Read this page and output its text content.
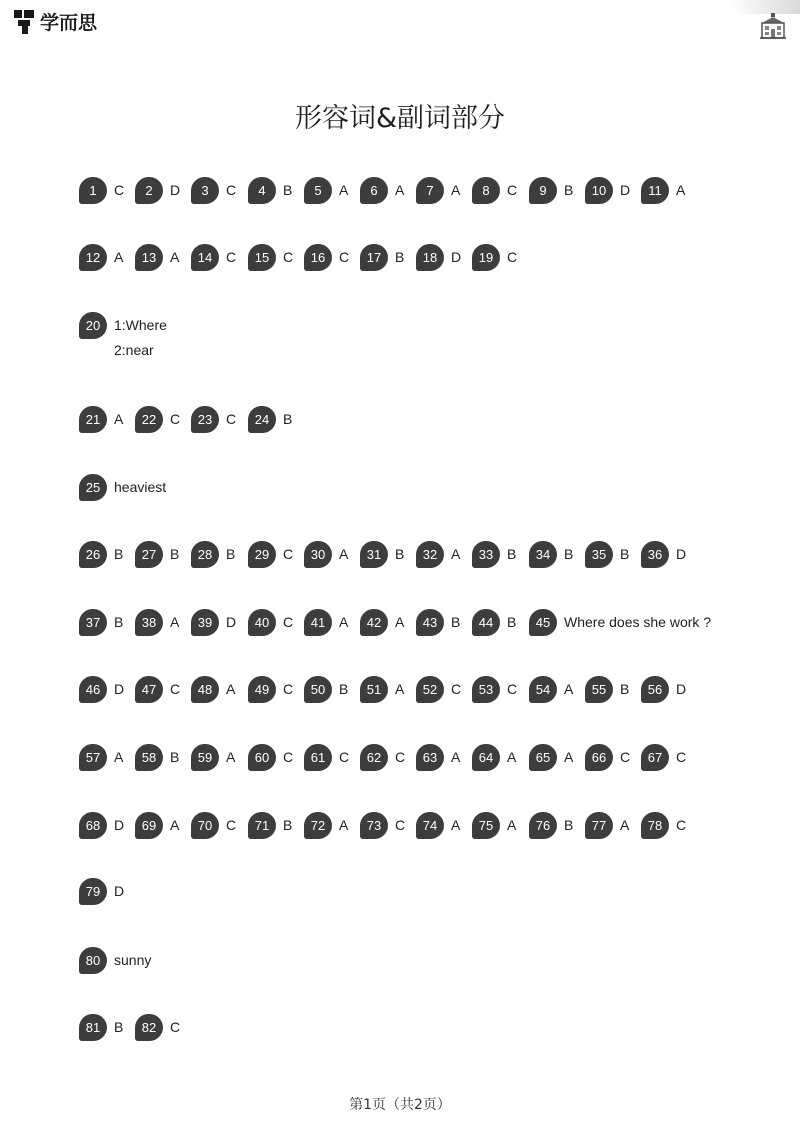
学而思
形容词&副词部分
1	C	2	D	3	C	4	B	5	A	6	A	7	A	8	C	9	B	10 D	11	A
12 A	13 A	14 C	15 C	16 C	17 B	18 D	19 C
20 1:Where
2:near
21 A	22 C	23 C	24 B
25 heaviest
26 B	27 B	28 B	29 C	30 A	31 B	32 A	33 B	34 B	35 B	36 D
37 B	38 A	39 D	40 C	41 A	42 A	43 B	44 B	45 Where does she work ?
46 D	47 C	48 A	49 C	50 B	51 A	52 C	53 C	54 A	55 B	56 D
57 A	58 B	59 A	60 C	61 C	62 C	63 A	64 A	65 A	66 C	67 C
68 D	69 A	70 C	71 B	72 A	73 C	74 A	75 A	76 B	77 A	78 C
79 D
80 sunny
81 B	82 C
第1页（共2页）
